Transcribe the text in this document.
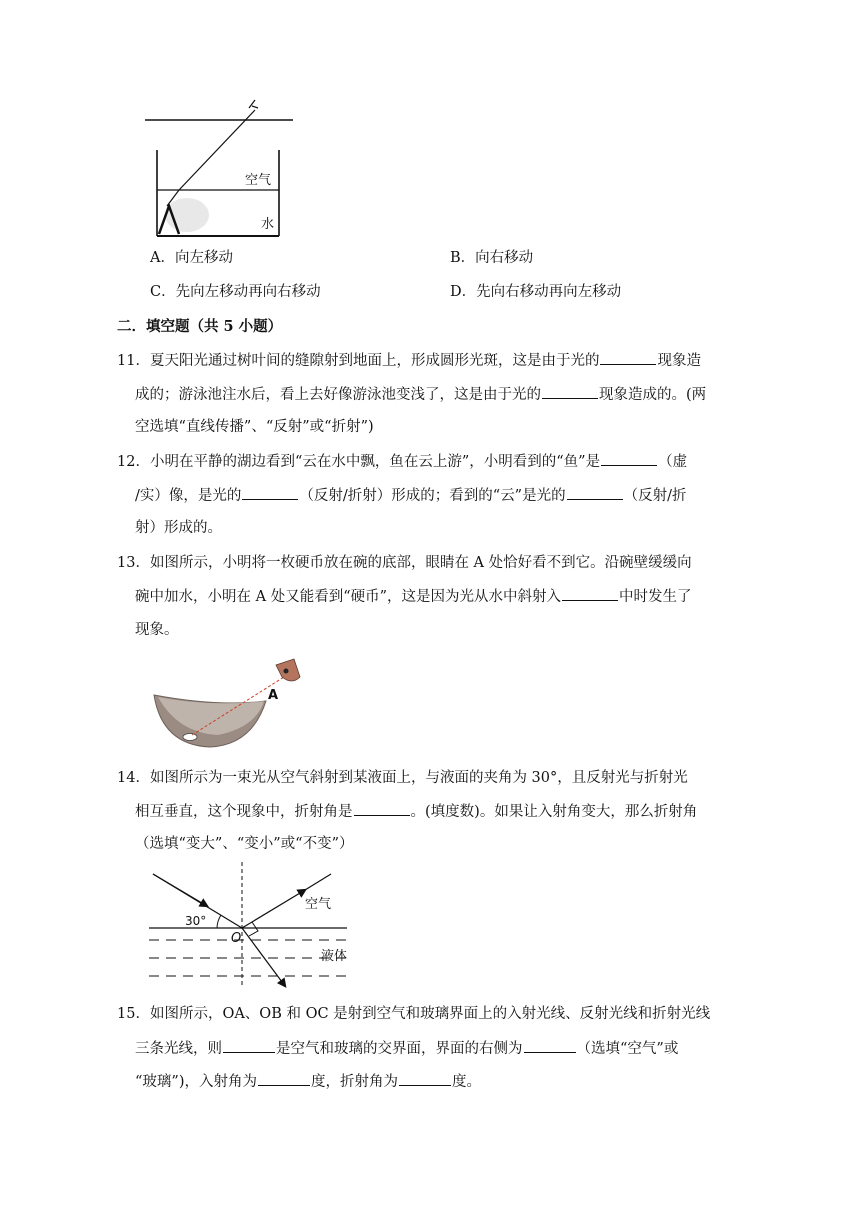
空气
水
A．向左移动	B．向右移动
C．先向左移动再向右移动	D．先向右移动再向左移动
二．填空题（共 5 小题）
11．夏天阳光通过树叶间的缝隙射到地面上，形成圆形光斑，这是由于光的	现象造
成的；游泳池注水后，看上去好像游泳池变浅了，这是由于光的	现象造成的。(两
空选填“直线传播”、“反射”或“折射”)
12．小明在平静的湖边看到“云在水中飘，鱼在云上游”，小明看到的“鱼”是	（虚
/实）像，是光的	（反射/折射）形成的；看到的“云”是光的	（反射/折
射）形成的。
13．如图所示，小明将一枚硬币放在碗的底部，眼睛在 A 处恰好看不到它。沿碗壁缓缓向
碗中加水，小明在 A 处又能看到“硬币”，这是因为光从水中斜射入	中时发生了
现象。
A
14．如图所示为一束光从空气斜射到某液面上，与液面的夹角为 30°，且反射光与折射光
相互垂直，这个现象中，折射角是	。(填度数)。如果让入射角变大，那么折射角
（选填“变大”、“变小”或“不变”）
30°
O
空气
液体
15．如图所示，OA、OB 和 OC 是射到空气和玻璃界面上的入射光线、反射光线和折射光线
三条光线，则	是空气和玻璃的交界面，界面的右侧为	（选填“空气”或
“玻璃”)，入射角为	度，折射角为	度。
